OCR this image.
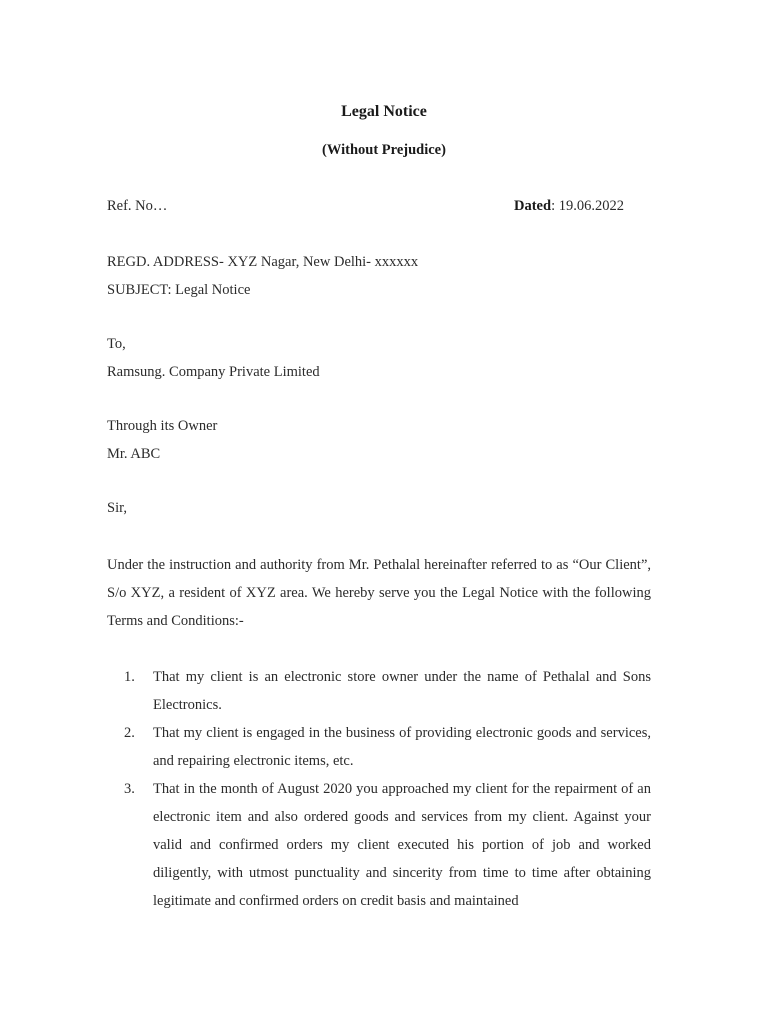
Legal Notice
(Without Prejudice)
Ref. No…	Dated: 19.06.2022
REGD. ADDRESS- XYZ Nagar, New Delhi- xxxxxx
SUBJECT: Legal Notice
To,
Ramsung. Company Private Limited
Through its Owner
Mr. ABC
Sir,
Under the instruction and authority from Mr. Pethalal hereinafter referred to as “Our Client”, S/o XYZ, a resident of XYZ area. We hereby serve you the Legal Notice with the following Terms and Conditions:-
1. That my client is an electronic store owner under the name of Pethalal and Sons Electronics.
2. That my client is engaged in the business of providing electronic goods and services, and repairing electronic items, etc.
3. That in the month of August 2020 you approached my client for the repairment of an electronic item and also ordered goods and services from my client. Against your valid and confirmed orders my client executed his portion of job and worked diligently, with utmost punctuality and sincerity from time to time after obtaining legitimate and confirmed orders on credit basis and maintained
